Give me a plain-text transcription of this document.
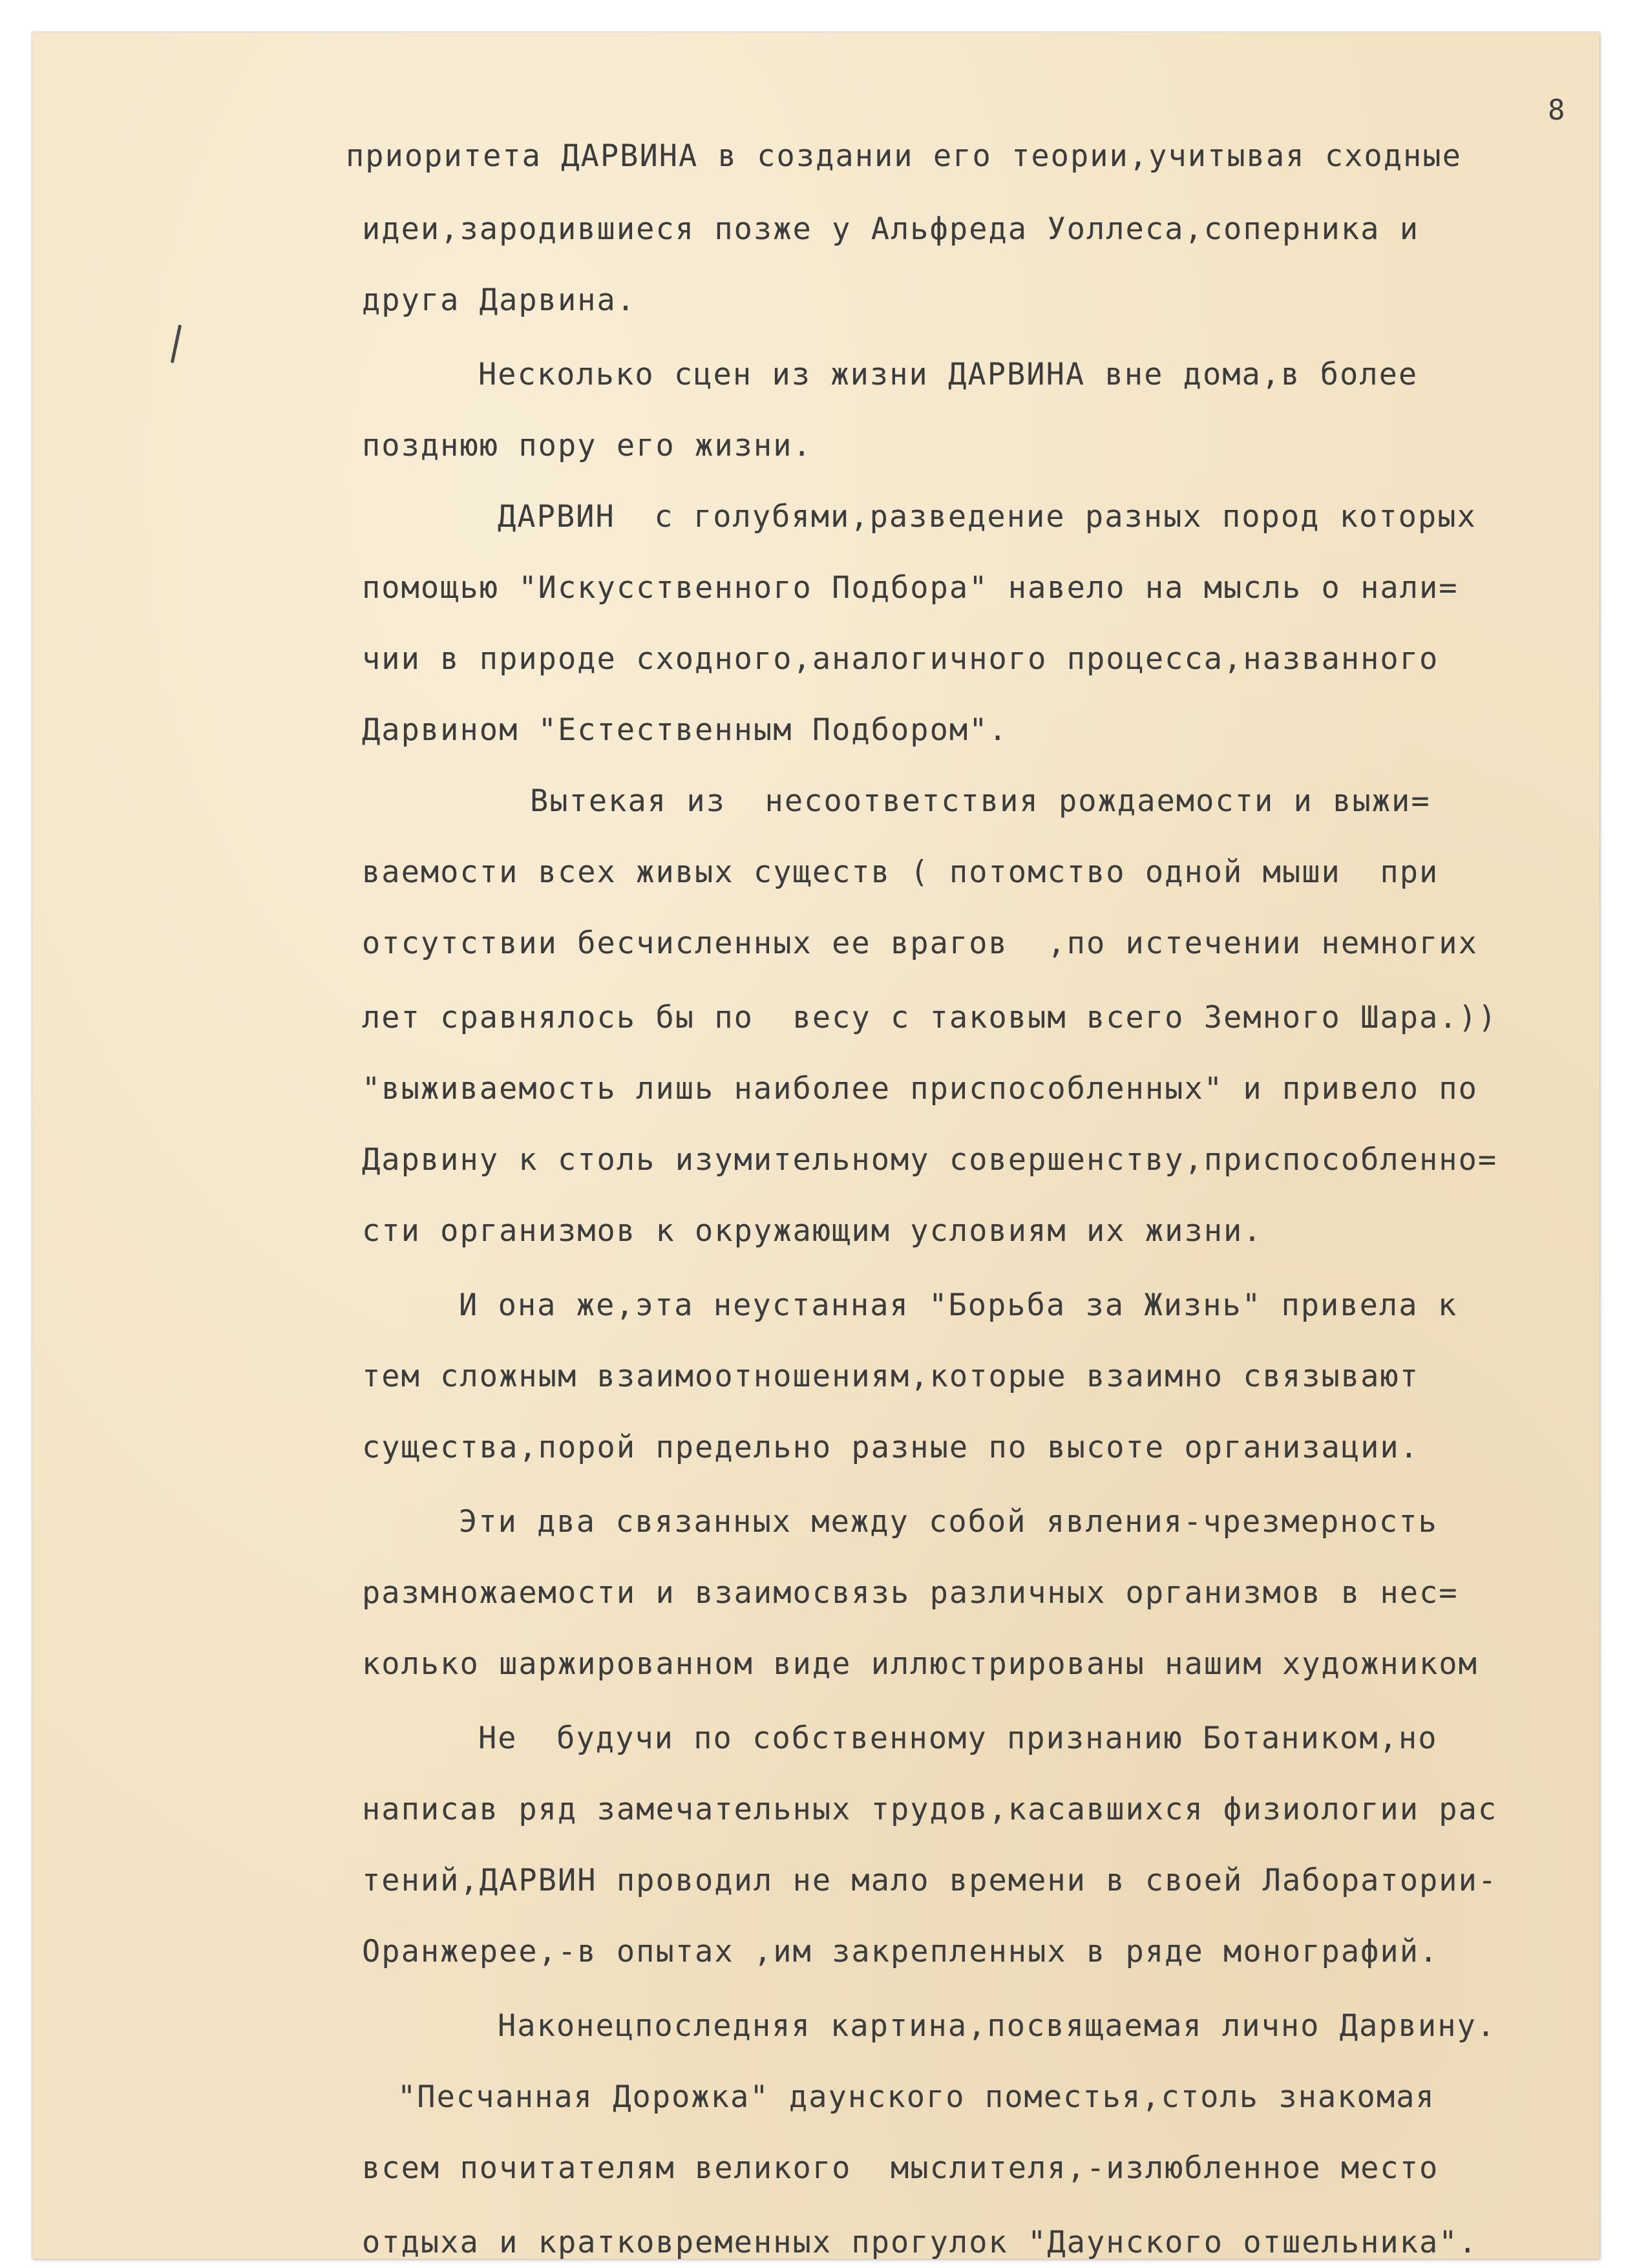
8

приоритета ДАРВИНА в создании его теории,учитывая сходные

идеи,зародившиеся позже у Альфреда Уоллеса,соперника и

друга Дарвина.

Несколько сцен из жизни ДАРВИНА вне дома,в более

позднюю пору его жизни.

ДАРВИН  с голубями,разведение разных пород которых

помощью "Искусственного Подбора" навело на мысль о нали=

чии в природе сходного,аналогичного процесса,названного

Дарвином "Естественным Подбором".

Вытекая из  несоответствия рождаемости и выжи=

ваемости всех живых существ ( потомство одной мыши  при

отсутствии бесчисленных ее врагов  ,по истечении немногих

лет сравнялось бы по  весу с таковым всего Земного Шара.))

"выживаемость лишь наиболее приспособленных" и привело по

Дарвину к столь изумительному совершенству,приспособленно=

сти организмов к окружающим условиям их жизни.

И она же,эта неустанная "Борьба за Жизнь" привела к

тем сложным взаимоотношениям,которые взаимно связывают

существа,порой предельно разные по высоте организации.

Эти два связанных между собой явления-чрезмерность

размножаемости и взаимосвязь различных организмов в нес=

колько шаржированном виде иллюстрированы нашим художником

Не  будучи по собственному признанию Ботаником,но

написав ряд замечательных трудов,касавшихся физиологии рас

тений,ДАРВИН проводил не мало времени в своей Лаборатории-

Оранжерее,-в опытах ,им закрепленных в ряде монографий.

Наконецпоследняя картина,посвящаемая лично Дарвину.

"Песчанная Дорожка" даунского поместья,столь знакомая

всем почитателям великого  мыслителя,-излюбленное место

отдыха и кратковременных прогулок "Даунского отшельника".
